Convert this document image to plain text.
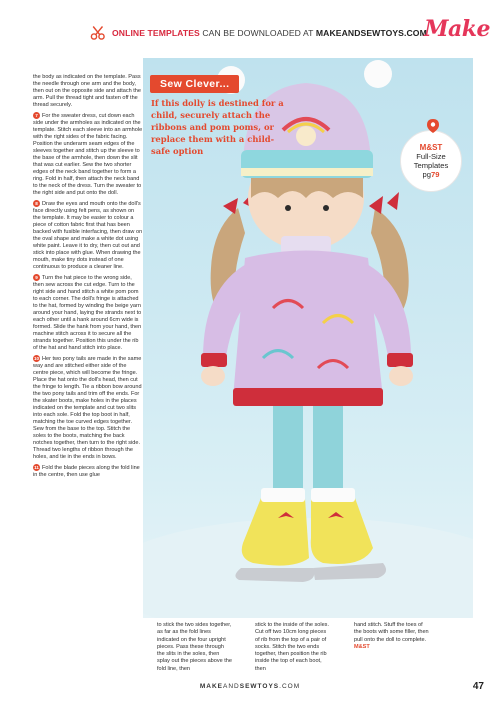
ONLINE TEMPLATES CAN BE DOWNLOADED AT MAKEANDSEWTOYS.COM
Make
Sew Clever...
If this dolly is destined for a child, securely attach the ribbons and pom poms, or replace them with a child-safe option	M&ST
Full-Size
Templates
pg79

the body as indicated on the template. Pass the needle through one arm and the body, then out on the opposite side and attach the arm. Pull the thread tight and fasten off the thread securely.

7 For the sweater dress, cut down each side under the armholes as indicated on the template. Stitch each sleeve into an armhole with the right sides of the fabric facing. Position the underarm seam edges of the sleeves together and stitch up the sleeve to the base of the armhole, then down the slit that was cut earlier. Sew the two shorter edges of the neck band together to form a ring. Fold in half, then attach the neck band to the neck of the dress. Turn the sweater to the right side and put onto the doll.

8 Draw the eyes and mouth onto the doll's face directly using felt pens, as shown on the template. It may be easier to colour a piece of cotton fabric first that has been backed with fusible interfacing, then draw on the oval shape and make a white dot using white paint. Leave it to dry, then cut out and stick into place with glue. When drawing the mouth, make tiny dots instead of one continuous to produce a cleaner line.

9 Turn the hat piece to the wrong side, then sew across the cut edge. Turn to the right side and hand stitch a white pom pom to each corner. The doll's fringe is attached to the hat, formed by winding the beige yarn around your hand, laying the strands next to each other until a hank around 6cm wide is formed. Slide the hank from your hand, then machine stitch across it to secure all the strands together. Position this under the rib of the hat and hand stitch into place.

10 Her two pony tails are made in the same way and are stitched either side of the centre piece, which will become the fringe. Place the hat onto the doll's head, then cut the fringe to length. Tie a ribbon bow around the two pony tails and trim off the ends. For the skater boots, make holes in the places indicated on the template and cut two slits into each sole. Fold the top boot in half, matching the toe curved edges together. Sew from the base to the top. Stitch the soles to the boots, matching the back notches together, then turn to the right side. Thread two lengths of ribbon through the holes, and tie in the ends in bows.

11 Fold the blade pieces along the fold line in the centre, then use glue

to stick the two sides together, as far as the fold lines indicated on the four upright pieces. Pass these through the slits in the soles, then splay out the pieces above the fold line, then
stick to the inside of the soles. Cut off two 10cm long pieces of rib from the top of a pair of socks. Stitch the two ends together, then position the rib inside the top of each boot, then
hand stitch. Stuff the toes of the boots with some filler, then pull onto the doll to complete. M&ST
MAKEANDSEWTOYS.COM	47
